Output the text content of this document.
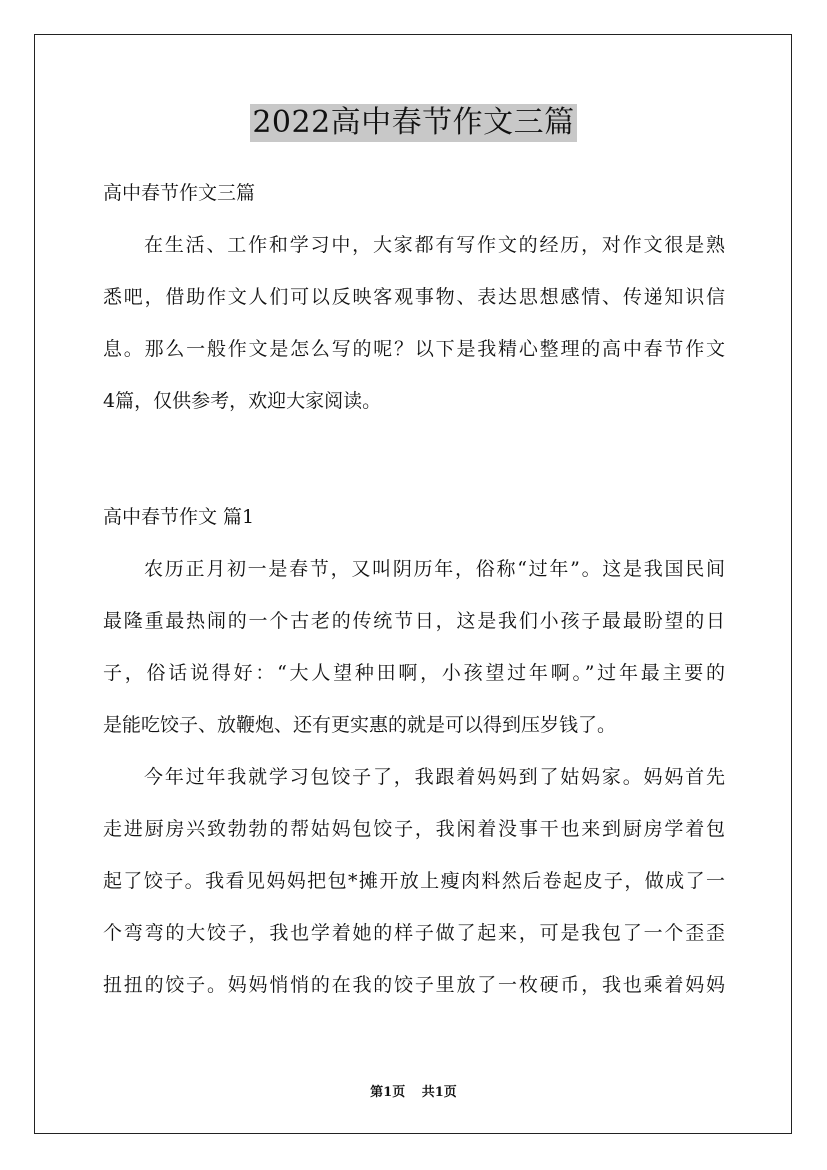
2022高中春节作文三篇
高中春节作文三篇
在生活、工作和学习中，大家都有写作文的经历，对作文很是熟
悉吧，借助作文人们可以反映客观事物、表达思想感情、传递知识信
息。那么一般作文是怎么写的呢？以下是我精心整理的高中春节作文
4篇，仅供参考，欢迎大家阅读。
高中春节作文 篇1
农历正月初一是春节，又叫阴历年，俗称“过年”。这是我国民间
最隆重最热闹的一个古老的传统节日，这是我们小孩子最最盼望的日
子，俗话说得好：“大人望种田啊，小孩望过年啊。”过年最主要的
是能吃饺子、放鞭炮、还有更实惠的就是可以得到压岁钱了。
今年过年我就学习包饺子了，我跟着妈妈到了姑妈家。妈妈首先
走进厨房兴致勃勃的帮姑妈包饺子，我闲着没事干也来到厨房学着包
起了饺子。我看见妈妈把包*摊开放上瘦肉料然后卷起皮子，做成了一
个弯弯的大饺子，我也学着她的样子做了起来，可是我包了一个歪歪
扭扭的饺子。妈妈悄悄的在我的饺子里放了一枚硬币，我也乘着妈妈
第1页 共1页
